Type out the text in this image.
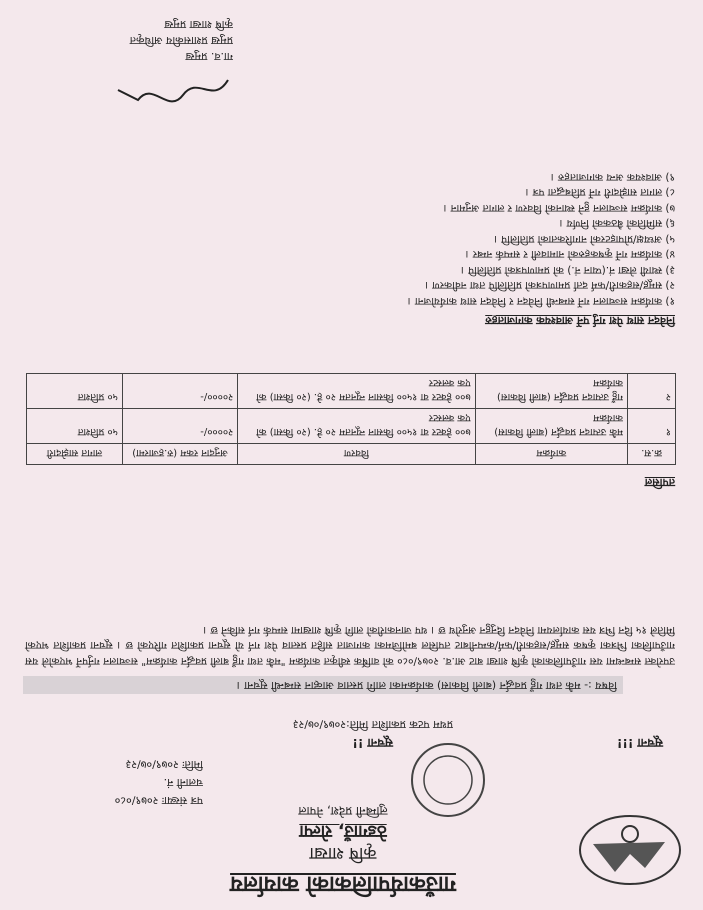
गाउँकार्यपालिकाको कार्यालय
कृषि शाखा
ठेडगाउँ, रोल्पा
लुम्बिनी प्रदेश, नेपाल
पत्र संख्याः २०७९/०८०
चलानी नं.
मितिः २०७९/०७/२३
सूचना !!
प्रथम पटक प्रकाशित मिति:२०७९/०७/२३
सूचना !!!
विषय :- मकै तथा गहुँ प्रवर्द्धन (बाली विकास) कार्यक्रमका लागि प्रस्ताव आव्हान सम्बन्धी सूचना ।
उपरोक्त सम्बन्धमा यस गाउँपालिकाको कृषि शाखा बाट आ.व. २०७९/०८० को वार्षिक स्वीकृत कार्यक्रम "मकै तथा गहुँ बाली प्रवर्द्धन कार्यक्रम" सञ्चालन गर्नुपर्ने भएकोले यस गाउँपालिका भित्रका कृषक समूह/सहकारी/फर्म/कम्पनीबाट तपसिल बमोजिमका कागजात सहित प्रस्ताव पेश गर्न यो सूचना प्रकाशित गरिएको छ । सूचना प्रकाशित भएको मितिले १५ दिन भित्र यस कार्यालयमा निवेदन दिनुहुन अनुरोध छ । थप जानकारीको लागि कृषि शाखामा सम्पर्क गर्न सकिने छ ।
तपसिल
क्र.स.	कार्यक्रम	विवरण	अनुदान रकम (रु.हजारमा)	लागत साझेदारी
१	मकै उत्पादन प्रवर्द्धन (बाली विकास) कार्यक्रम	७०० हेक्टर वा १५०० किसान न्यूनतम २० हे. (२० किसा) को एक क्लस्टर	२००००/-	५० प्रतिशत
२	गहुँ उत्पादन प्रवर्द्धन (बाली विकास) कार्यक्रम	७०० हेक्टर वा १५०० किसान न्यूनतम २० हे. (२० किसा) को एक क्लस्टर	२००००/-	५० प्रतिशत
निवेदन साथ पेश गर्नु पर्ने आवश्यक कागजातहरु
१) कार्यक्रम सञ्चालन गर्ने सम्बन्धी निवेदन र निवेदन साथ कार्ययोजना ।
२) समूह/सहकारी/फर्म दर्ता प्रमाणपत्रको प्रतिलिपि तथा नवीकरण ।
३) स्थायी लेखा नं.(प्यान नं.) को प्रमाणपत्रको प्रतिलिपि ।
४) कार्यक्रम गर्ने कृषकहरुको नामावली र सम्पर्क नम्बर ।
५) अध्यक्ष/प्रोपाइटरको नागरिकताको प्रतिलिपि ।
६) समितिको बैठकको निर्णय ।
७) कार्यक्रम सञ्चालन हुने स्थानको विवरण र लागत अनुमान ।
८) लागत साझेदारी गर्ने प्रतिबद्धता पत्र ।
९) आवश्यक अन्य कागजातहरु ।
गा.व. प्रमुख
प्रमुख प्रशासकीय अधिकृत
कृषि शाखा प्रमुख
